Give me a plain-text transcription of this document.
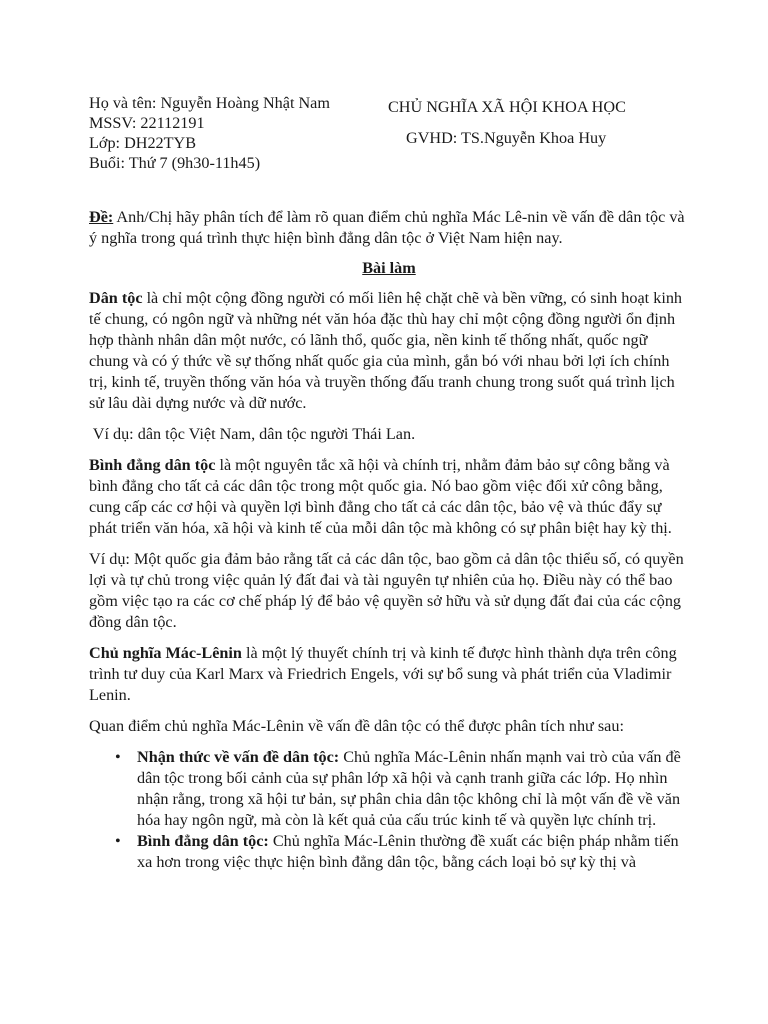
Họ và tên: Nguyễn Hoàng Nhật Nam
MSSV: 22112191
Lớp: DH22TYB
Buổi: Thứ 7 (9h30-11h45)
CHỦ NGHĨA XÃ HỘI KHOA HỌC
GVHD: TS.Nguyễn Khoa Huy

Đề: Anh/Chị hãy phân tích để làm rõ quan điểm chủ nghĩa Mác Lê-nin về vấn đề dân tộc và ý nghĩa trong quá trình thực hiện bình đẳng dân tộc ở Việt Nam hiện nay.

Bài làm

Dân tộc là chỉ một cộng đồng người có mối liên hệ chặt chẽ và bền vững, có sinh hoạt kinh tế chung, có ngôn ngữ và những nét văn hóa đặc thù hay chỉ một cộng đồng người ổn định hợp thành nhân dân một nước, có lãnh thổ, quốc gia, nền kinh tế thống nhất, quốc ngữ chung và có ý thức về sự thống nhất quốc gia của mình, gắn bó với nhau bởi lợi ích chính trị, kinh tế, truyền thống văn hóa và truyền thống đấu tranh chung trong suốt quá trình lịch sử lâu dài dựng nước và dữ nước.

Ví dụ: dân tộc Việt Nam, dân tộc người Thái Lan.

Bình đẳng dân tộc là một nguyên tắc xã hội và chính trị, nhằm đảm bảo sự công bằng và bình đẳng cho tất cả các dân tộc trong một quốc gia. Nó bao gồm việc đối xử công bằng, cung cấp các cơ hội và quyền lợi bình đẳng cho tất cả các dân tộc, bảo vệ và thúc đẩy sự phát triển văn hóa, xã hội và kinh tế của mỗi dân tộc mà không có sự phân biệt hay kỳ thị.

Ví dụ: Một quốc gia đảm bảo rằng tất cả các dân tộc, bao gồm cả dân tộc thiểu số, có quyền lợi và tự chủ trong việc quản lý đất đai và tài nguyên tự nhiên của họ. Điều này có thể bao gồm việc tạo ra các cơ chế pháp lý để bảo vệ quyền sở hữu và sử dụng đất đai của các cộng đồng dân tộc.

Chủ nghĩa Mác-Lênin là một lý thuyết chính trị và kinh tế được hình thành dựa trên công trình tư duy của Karl Marx và Friedrich Engels, với sự bổ sung và phát triển của Vladimir Lenin.

Quan điểm chủ nghĩa Mác-Lênin về vấn đề dân tộc có thể được phân tích như sau:

• Nhận thức về vấn đề dân tộc: Chủ nghĩa Mác-Lênin nhấn mạnh vai trò của vấn đề dân tộc trong bối cảnh của sự phân lớp xã hội và cạnh tranh giữa các lớp. Họ nhìn nhận rằng, trong xã hội tư bản, sự phân chia dân tộc không chỉ là một vấn đề về văn hóa hay ngôn ngữ, mà còn là kết quả của cấu trúc kinh tế và quyền lực chính trị.
• Bình đẳng dân tộc: Chủ nghĩa Mác-Lênin thường đề xuất các biện pháp nhằm tiến xa hơn trong việc thực hiện bình đẳng dân tộc, bằng cách loại bỏ sự kỳ thị và
